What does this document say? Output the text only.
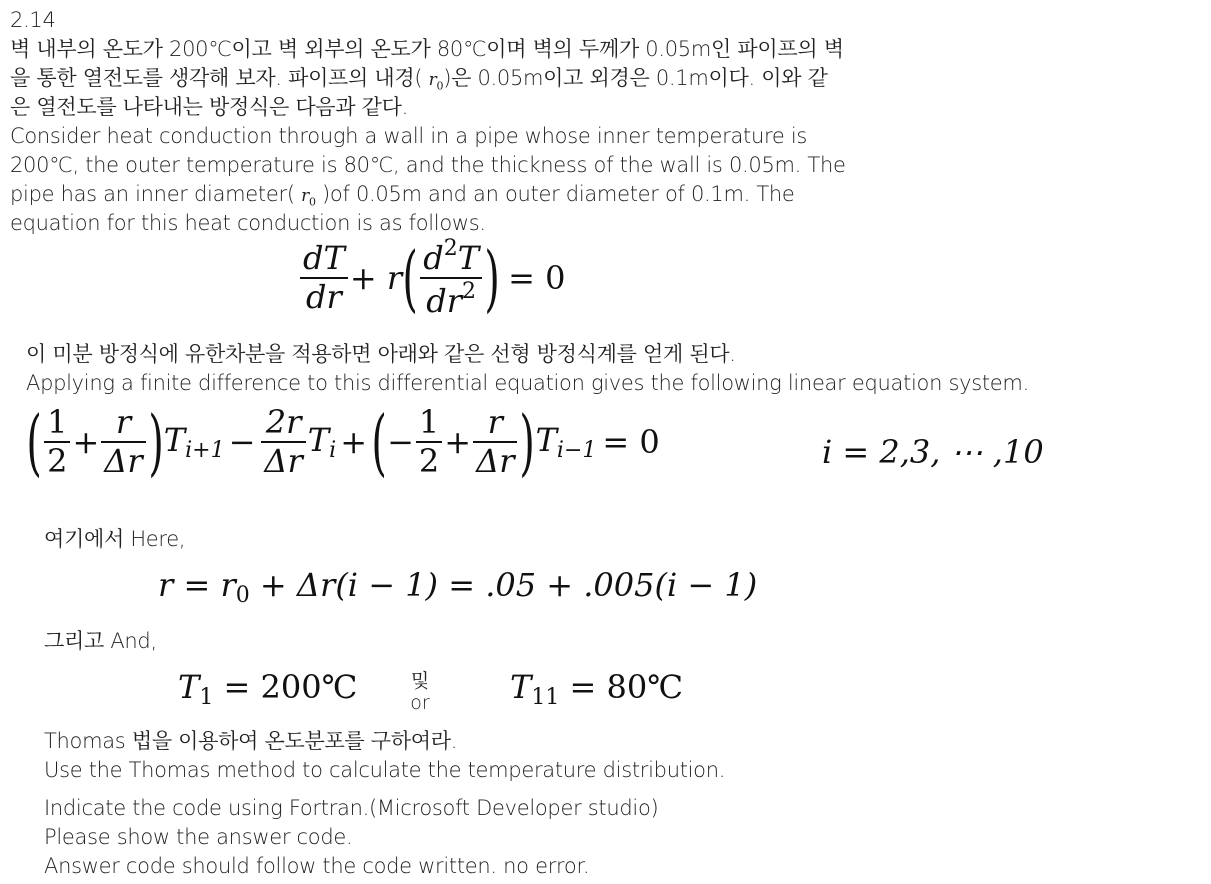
2.14
벽 내부의 온도가 200℃이고 벽 외부의 온도가 80℃이며 벽의 두께가 0.05m인 파이프의 벽
을 통한 열전도를 생각해 보자. 파이프의 내경( $r_0$)은 0.05m이고 외경은 0.1m이다. 이와 같
은 열전도를 나타내는 방정식은 다음과 같다.
Consider heat conduction through a wall in a pipe whose inner temperature is
200℃, the outer temperature is 80℃, and the thickness of the wall is 0.05m. The
pipe has an inner diameter( $r_0$ )of 0.05m and an outer diameter of 0.1m. The
equation for this heat conduction is as follows.
$\frac{dT}{dr} + r( \frac{d^2T}{dr^2}$ ) = 0
이 미분 방정식에 유한차분을 적용하면 아래와 같은 선형 방정식계를 얻게 된다.
Applying a finite difference to this differential equation gives the following linear equation system.
( $\frac{1}{2} + \frac{r}{\Delta r} )Ti+1 - \frac{2r}{\Delta r}$ Ti +(− $\frac{1}{2} + \frac{r}{\Delta r} )Ti-1 = 0$	i = 2,3, ⋯ ,10
여기에서 Here,
r = r0 + Δr(i − 1) = .05 + .005(i − 1)
그리고 And,
T1 = 200℃	및
or	T11 = 80℃
Thomas 법을 이용하여 온도분포를 구하여라.
Use the Thomas method to calculate the temperature distribution.
Indicate the code using Fortran.(Microsoft Developer studio)
Please show the answer code.
Answer code should follow the code written. no error.
